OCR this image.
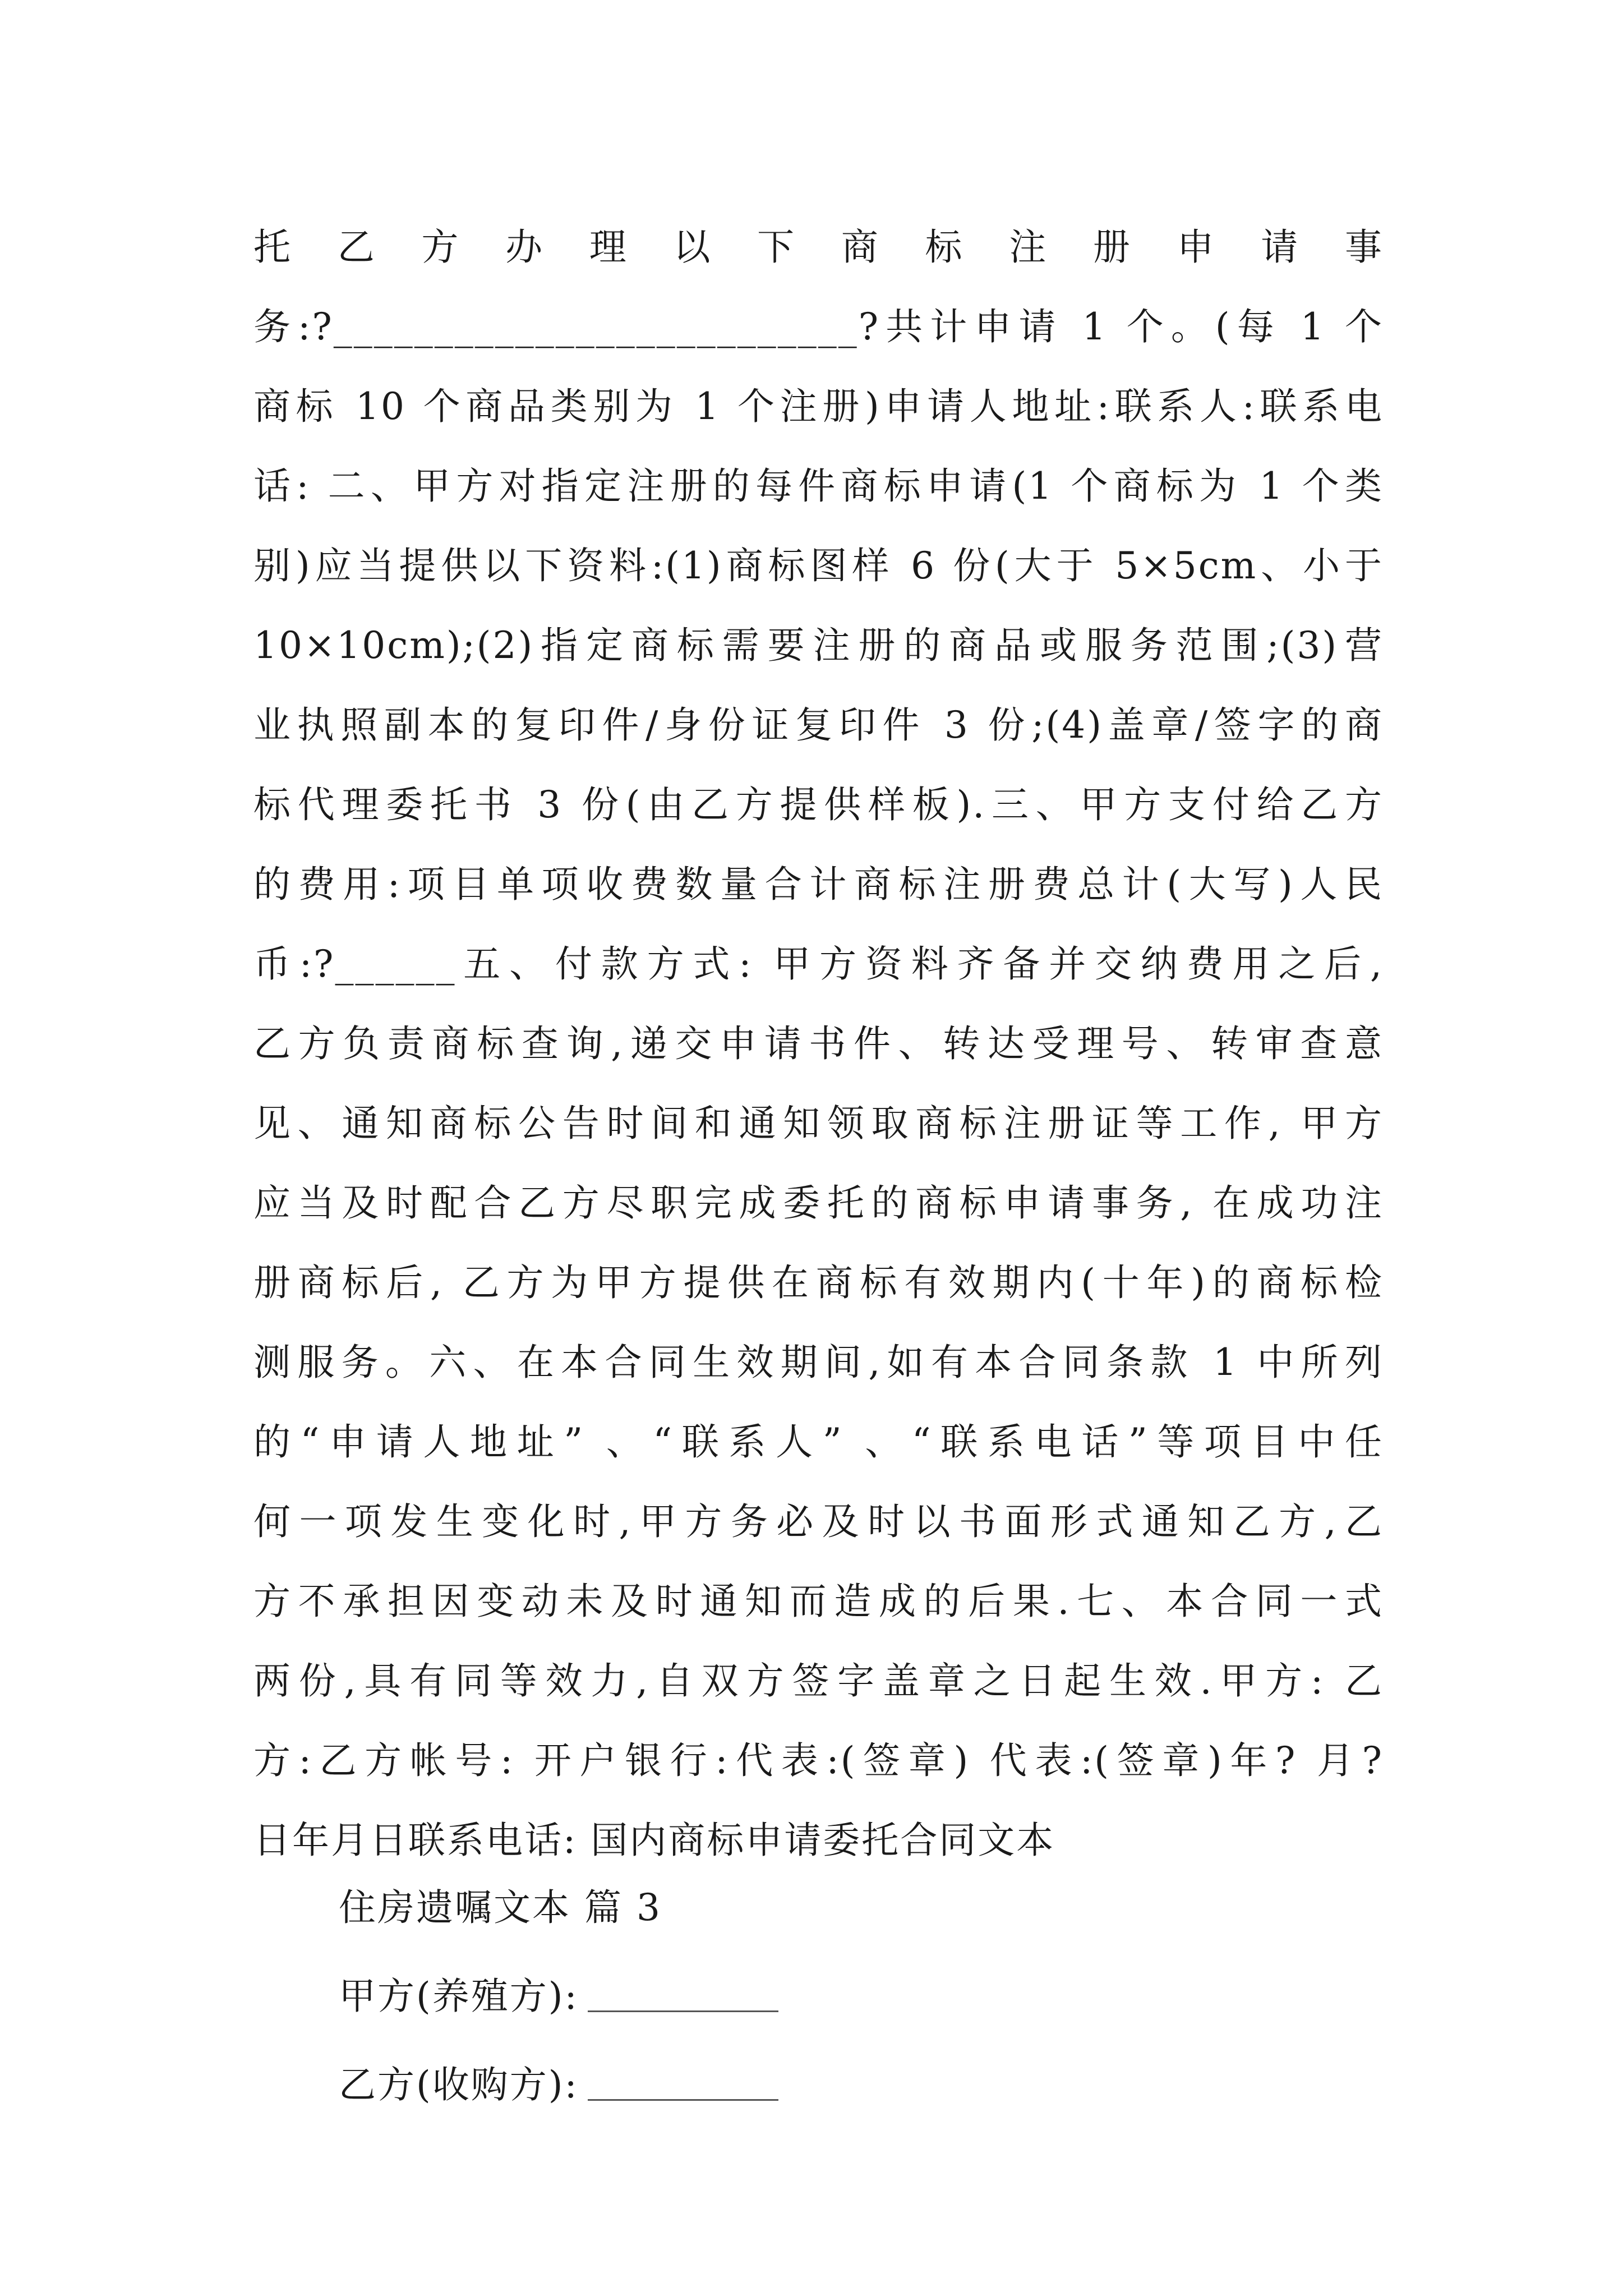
托 乙 方 办 理 以 下 商 标 注 册 申 请 事
务:?__________________________?共计申请 1 个。(每 1 个
商标 10 个商品类别为 1 个注册)申请人地址:联系人:联系电
话: 二、甲方对指定注册的每件商标申请(1 个商标为 1 个类
别)应当提供以下资料:(1)商标图样 6 份(大于 5×5cm、小于
10×10cm);(2)指定商标需要注册的商品或服务范围;(3)营
业执照副本的复印件/身份证复印件 3 份;(4)盖章/签字的商
标代理委托书 3 份(由乙方提供样板).三、甲方支付给乙方
的费用:项目单项收费数量合计商标注册费总计(大写)人民
币:?______五、付款方式: 甲方资料齐备并交纳费用之后,
乙方负责商标查询,递交申请书件、转达受理号、转审查意
见、通知商标公告时间和通知领取商标注册证等工作, 甲方
应当及时配合乙方尽职完成委托的商标申请事务, 在成功注
册商标后, 乙方为甲方提供在商标有效期内(十年)的商标检
测服务。六、在本合同生效期间,如有本合同条款 1 中所列
的“申请人地址” 、“联系人” 、“联系电话”等项目中任
何一项发生变化时,甲方务必及时以书面形式通知乙方,乙
方不承担因变动未及时通知而造成的后果.七、本合同一式
两份,具有同等效力,自双方签字盖章之日起生效.甲方: 乙
方:乙方帐号: 开户银行:代表:(签章) 代表:(签章)年? 月?
日年月日联系电话: 国内商标申请委托合同文本
住房遗嘱文本 篇 3
甲方(养殖方):
乙方(收购方):
